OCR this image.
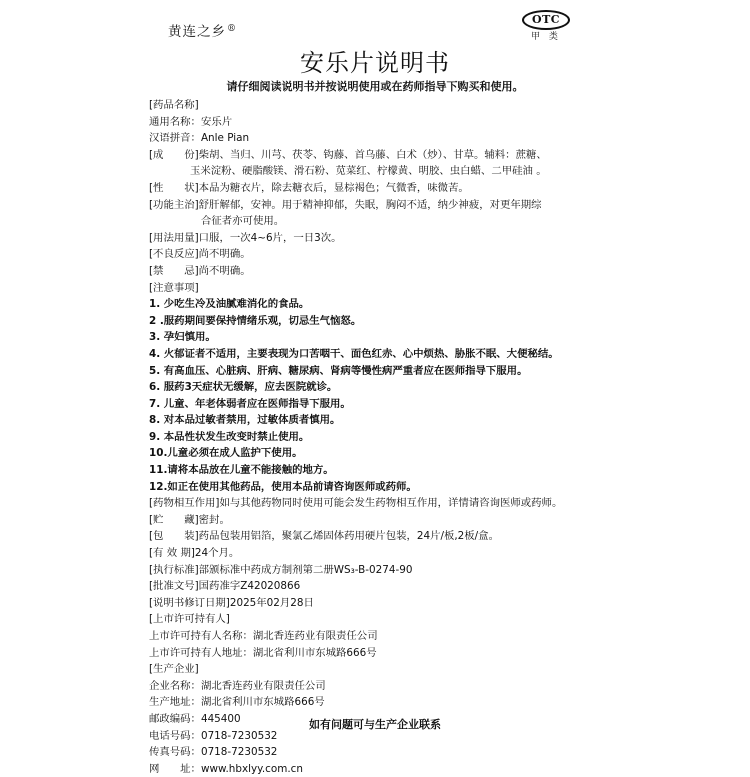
黄连之乡®
OTC
甲 类
安乐片说明书
请仔细阅读说明书并按说明使用或在药师指导下购买和使用。
[药品名称]
通用名称：安乐片
汉语拼音：Anle Pian
[成　　份]柴胡、当归、川芎、茯苓、钩藤、首乌藤、白术（炒）、甘草。辅料：蔗糖、
玉米淀粉、硬脂酸镁、滑石粉、苋菜红、柠檬黄、明胶、虫白蜡、二甲硅油 。
[性　　状]本品为糖衣片，除去糖衣后，显棕褐色；气微香，味微苦。
[功能主治]舒肝解郁，安神。用于精神抑郁，失眠，胸闷不适，纳少神疲，对更年期综
合征者亦可使用。
[用法用量]口服，一次4~6片，一日3次。
[不良反应]尚不明确。
[禁　　忌]尚不明确。
[注意事项]
1. 少吃生冷及油腻难消化的食品。
2 .服药期间要保持情绪乐观，切忌生气恼怒。
3. 孕妇慎用。
4. 火郁证者不适用，主要表现为口苦咽干、面色红赤、心中烦热、胁胀不眠、大便秘结。
5. 有高血压、心脏病、肝病、糖尿病、肾病等慢性病严重者应在医师指导下服用。
6. 服药3天症状无缓解，应去医院就诊。
7. 儿童、年老体弱者应在医师指导下服用。
8. 对本品过敏者禁用，过敏体质者慎用。
9. 本品性状发生改变时禁止使用。
10.儿童必须在成人监护下使用。
11.请将本品放在儿童不能接触的地方。
12.如正在使用其他药品，使用本品前请咨询医师或药师。
[药物相互作用]如与其他药物同时使用可能会发生药物相互作用，详情请咨询医师或药师。
[贮　　藏]密封。
[包　　装]药品包装用铝箔，聚氯乙烯固体药用硬片包装，24片/板,2板/盒。
[有 效 期]24个月。
[执行标准]部颁标准中药成方制剂第二册WS₃-B-0274-90
[批准文号]国药准字Z42020866
[说明书修订日期]2025年02月28日
[上市许可持有人]
上市许可持有人名称：湖北香连药业有限责任公司
上市许可持有人地址：湖北省利川市东城路666号
[生产企业]
企业名称：湖北香连药业有限责任公司
生产地址：湖北省利川市东城路666号
邮政编码：445400
电话号码：0718-7230532
传真号码：0718-7230532
网　　址：www.hbxlyy.com.cn
如有问题可与生产企业联系
